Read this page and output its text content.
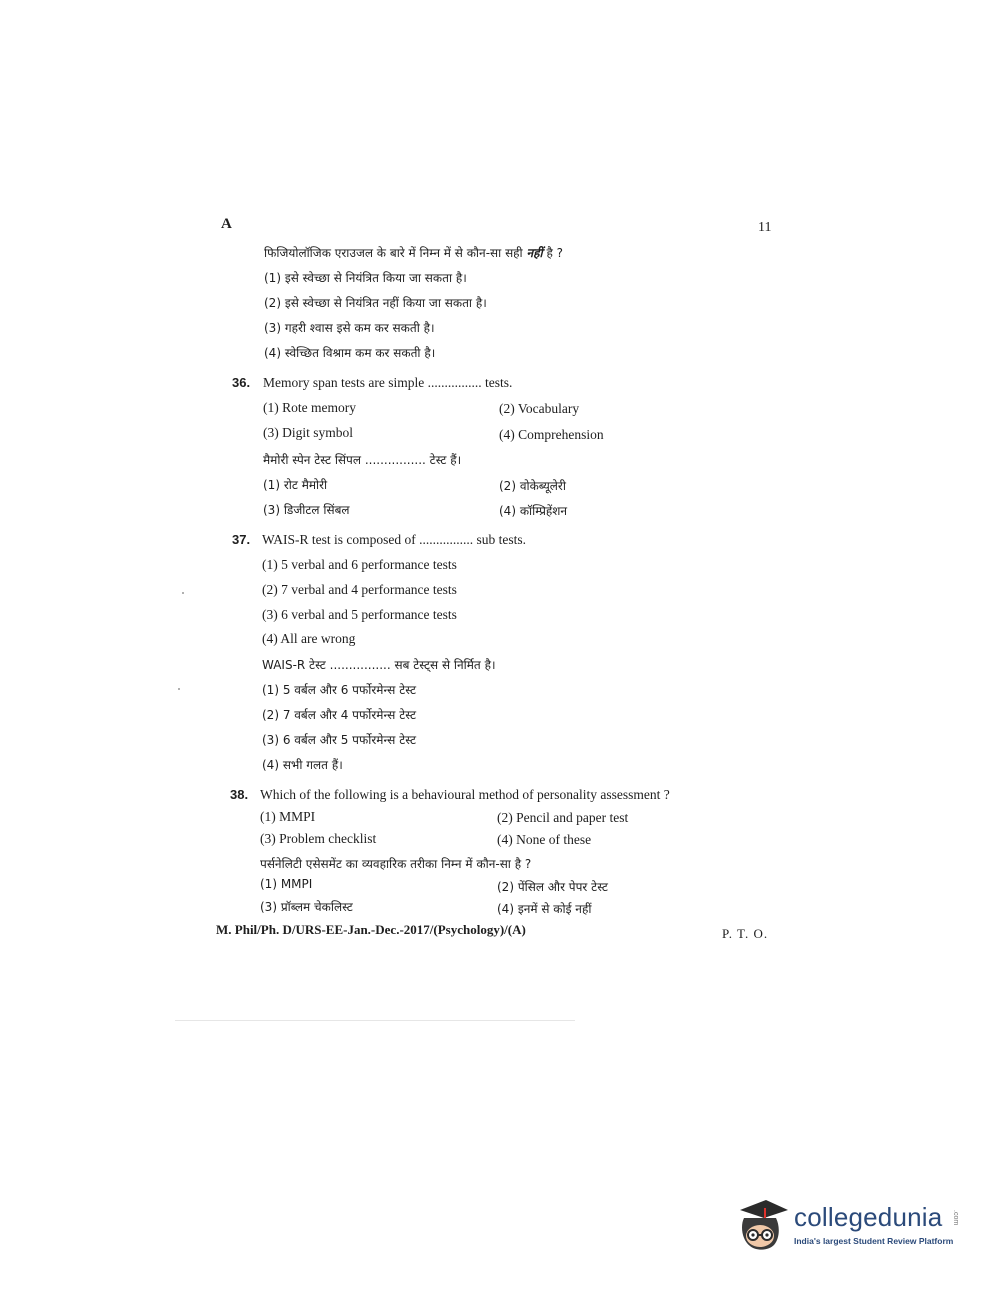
A	11
फिजियोलॉजिक एराउजल के बारे में निम्न में से कौन-सा सही नहीं है ?
(1) इसे स्वेच्छा से नियंत्रित किया जा सकता है।
(2) इसे स्वेच्छा से नियंत्रित नहीं किया जा सकता है।
(3) गहरी श्वास इसे कम कर सकती है।
(4) स्वेच्छित विश्राम कम कर सकती है।
36. Memory span tests are simple ................ tests.
(1) Rote memory	(2) Vocabulary
(3) Digit symbol	(4) Comprehension
मैमोरी स्पेन टेस्ट सिंपल ................ टेस्ट हैं।
(1) रोट मैमोरी	(2) वोकेब्यूलेरी
(3) डिजीटल सिंबल	(4) कॉम्प्रिहेंशन
37. WAIS-R test is composed of ................ sub tests.
(1) 5 verbal and 6 performance tests
(2) 7 verbal and 4 performance tests
(3) 6 verbal and 5 performance tests
(4) All are wrong
WAIS-R टेस्ट ................ सब टेस्ट्स से निर्मित है।
(1) 5 वर्बल और 6 पर्फोरमेन्स टेस्ट
(2) 7 वर्बल और 4 पर्फोरमेन्स टेस्ट
(3) 6 वर्बल और 5 पर्फोरमेन्स टेस्ट
(4) सभी गलत हैं।
38. Which of the following is a behavioural method of personality assessment ?
(1) MMPI	(2) Pencil and paper test
(3) Problem checklist	(4) None of these
पर्सनेलिटी एसेसमेंट का व्यवहारिक तरीका निम्न में कौन-सा है ?
(1) MMPI	(2) पेंसिल और पेपर टेस्ट
(3) प्रॉब्लम चेकलिस्ट	(4) इनमें से कोई नहीं
M. Phil/Ph. D/URS-EE-Jan.-Dec.-2017/(Psychology)/(A)	P. T. O.
collegedunia .com
India's largest Student Review Platform
